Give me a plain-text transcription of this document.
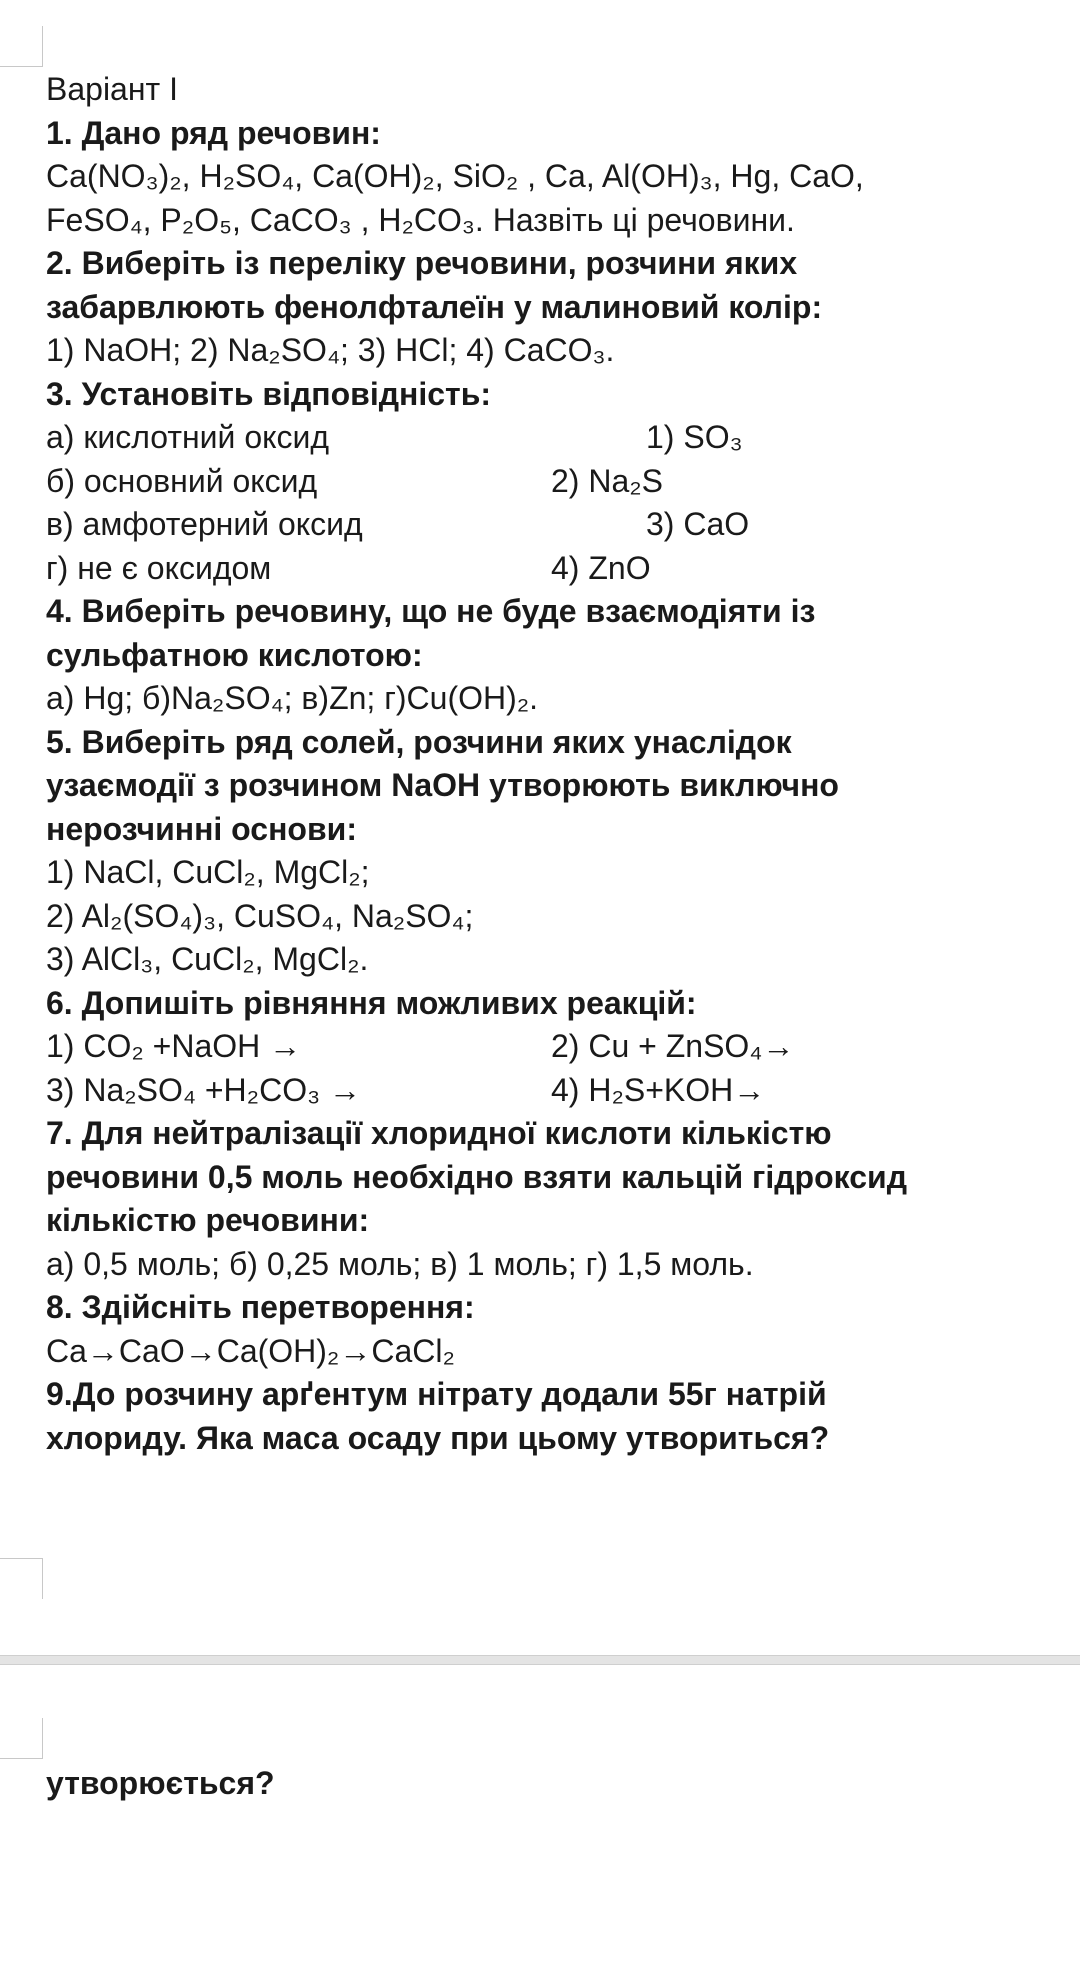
Варіант І
1. Дано ряд речовин:
Ca(NO₃)₂, H₂SO₄, Ca(OH)₂, SiO₂ , Ca, Al(OH)₃, Hg, CaO,
FeSO₄, P₂O₅, CaCO₃ , H₂CO₃. Назвіть ці речовини.
2. Виберіть із переліку речовини, розчини яких
забарвлюють фенолфталеїн у малиновий колір:
1) NaOH; 2) Na₂SO₄; 3) HCl; 4) CaCO₃.
3. Установіть відповідність:
а) кислотний оксид	1) SO₃
б) основний оксид	2) Na₂S
в) амфотерний оксид	3) CaO
г) не є оксидом	4) ZnO
4. Виберіть речовину, що не буде взаємодіяти із
сульфатною кислотою:
а) Hg; б)Na₂SO₄; в)Zn; г)Cu(OH)₂.
5. Виберіть ряд солей, розчини яких унаслідок
узаємодії з розчином NaOH утворюють виключно
нерозчинні основи:
1) NaCl, CuCl₂, MgCl₂;
2) Al₂(SO₄)₃, CuSO₄, Na₂SO₄;
3) AlCl₃, CuCl₂, MgCl₂.
6. Допишіть рівняння можливих реакцій:
1) CO₂ +NaOH →	2) Cu + ZnSO₄→
3) Na₂SO₄ +H₂CO₃ →	4) H₂S+KOH→
7. Для нейтралізації хлоридної кислоти кількістю
речовини 0,5 моль необхідно взяти кальцій гідроксид
кількістю речовини:
а) 0,5 моль; б) 0,25 моль; в) 1 моль; г) 1,5 моль.
8. Здійсніть перетворення:
Ca→CaO→Ca(OH)₂→CaCl₂
9.До розчину арґентум нітрату додали 55г натрій
хлориду. Яка маса осаду при цьому утвориться?
утворюється?
